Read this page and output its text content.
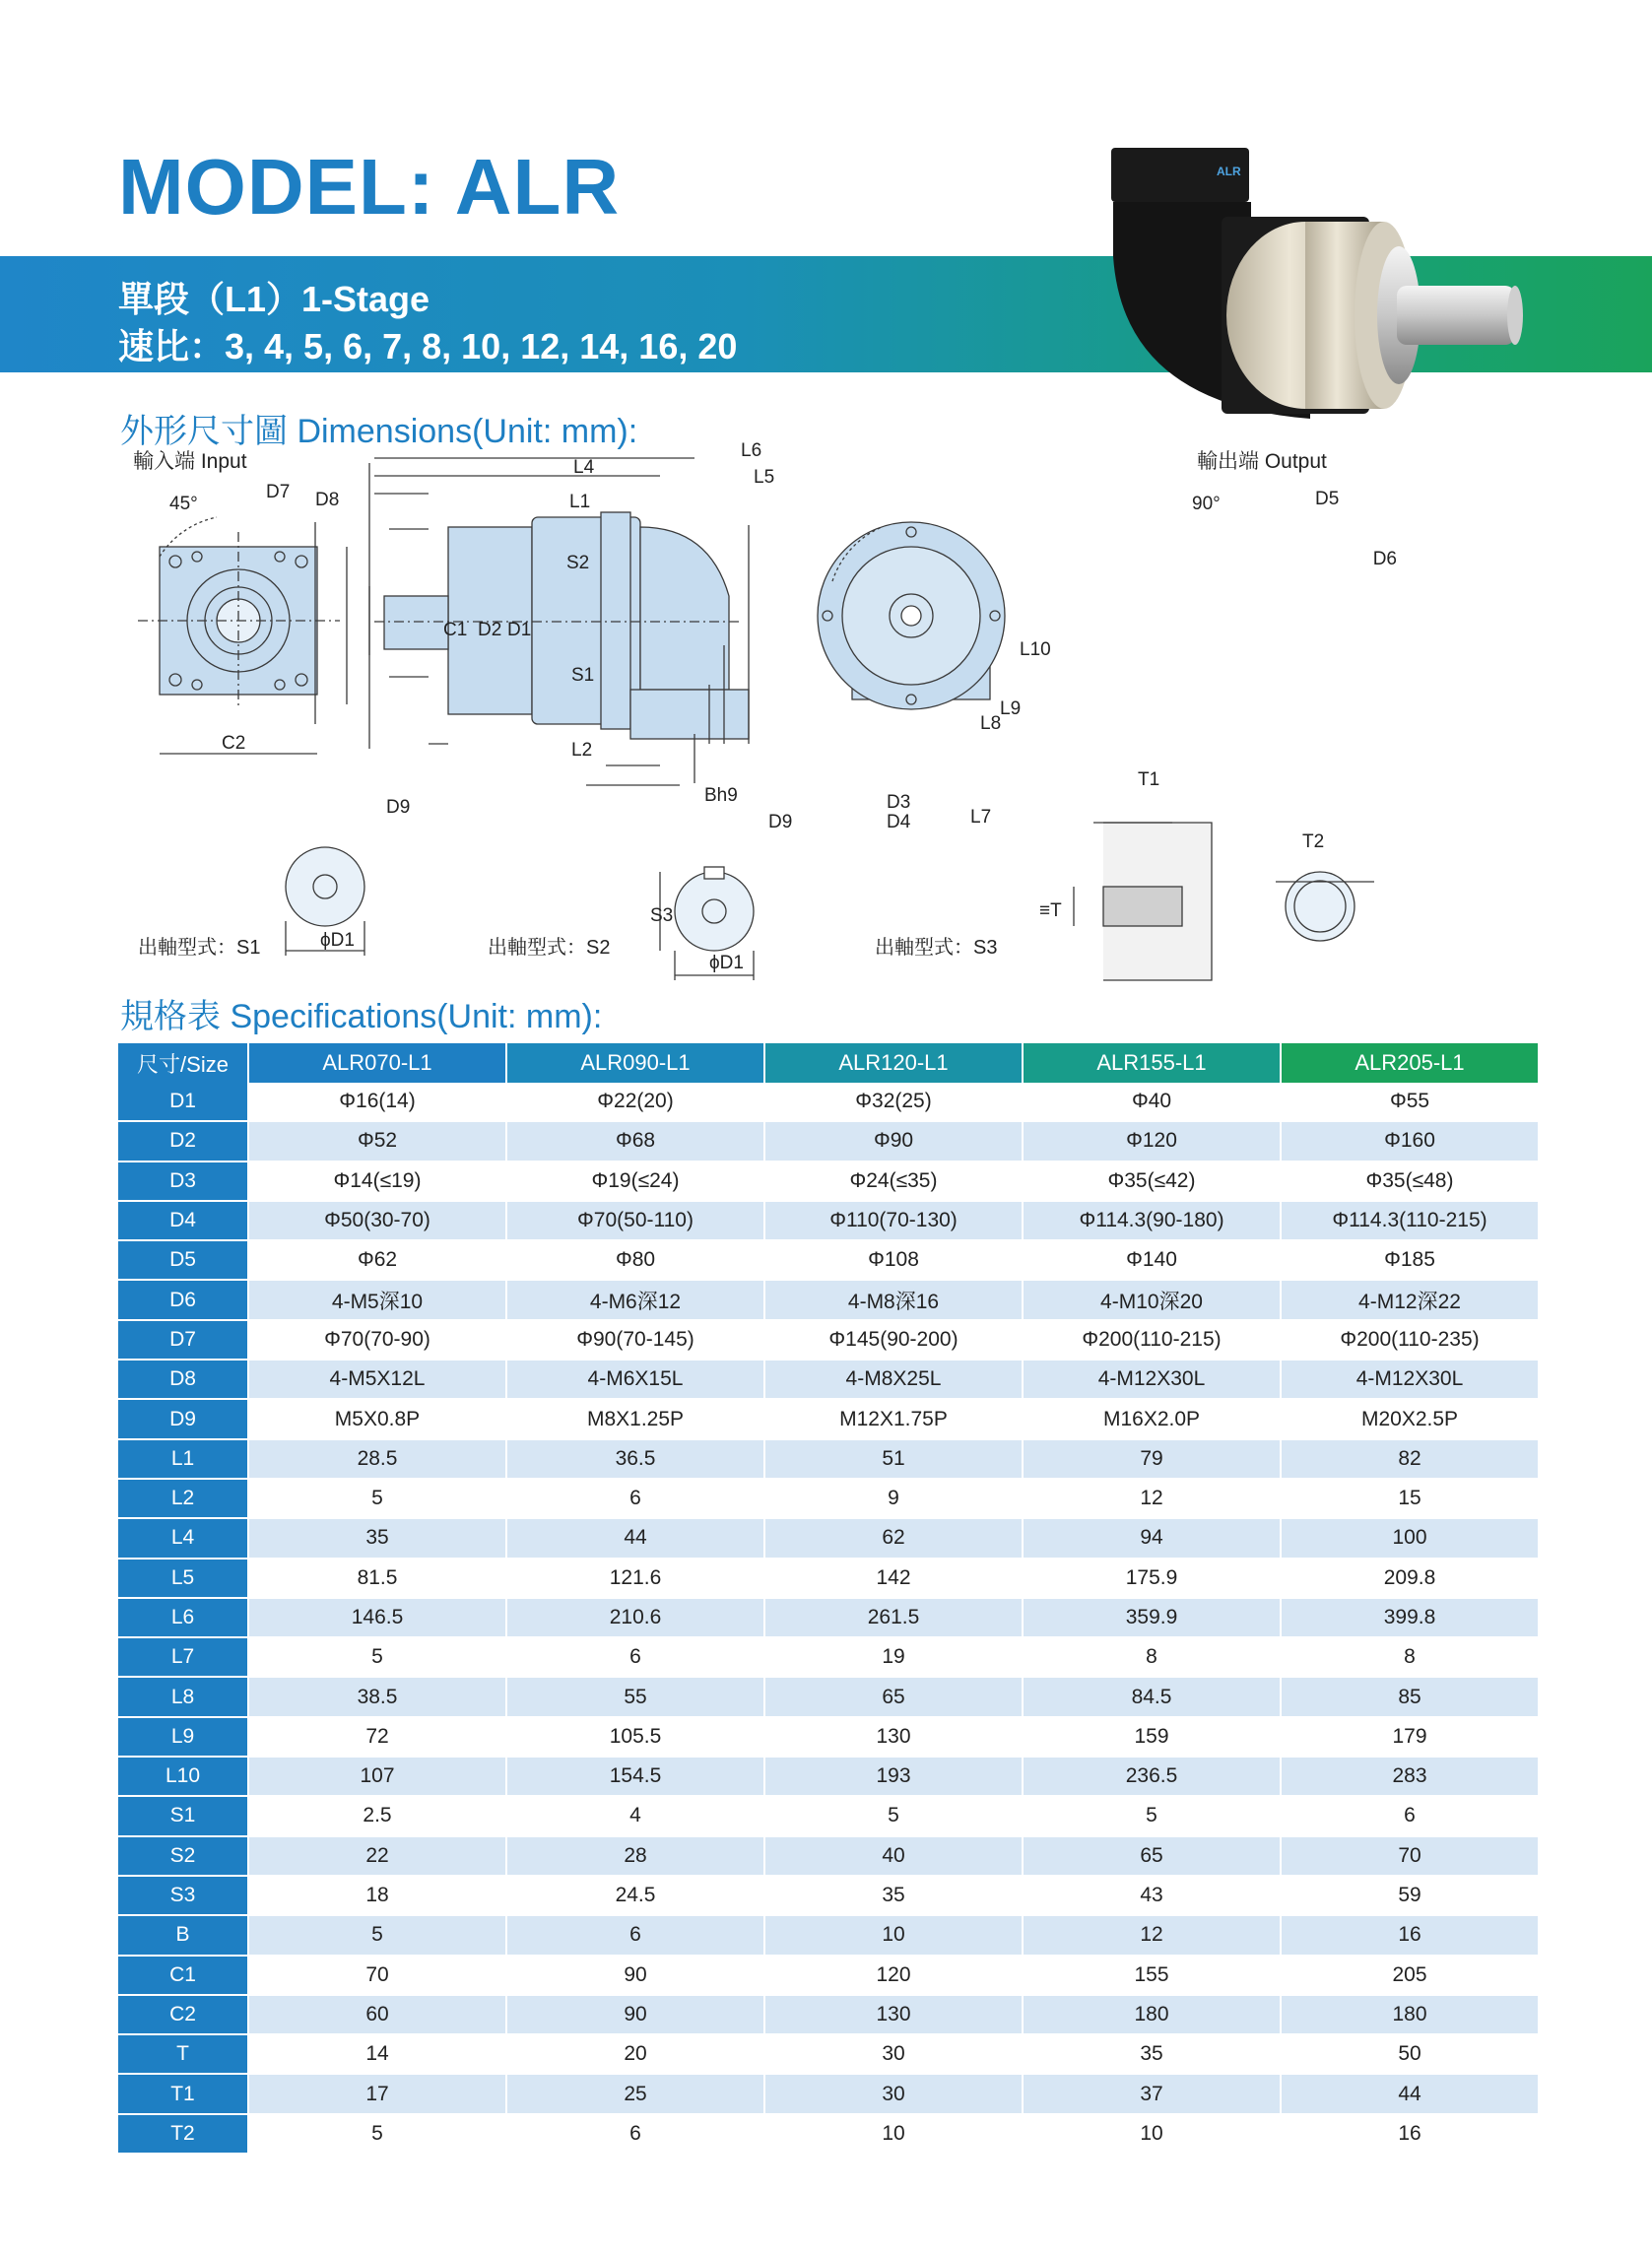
MODEL: ALR
單段（L1）1-Stage
速比：3, 4, 5, 6, 7, 8, 10, 12, 14, 16, 20
ALR
外形尺寸圖 Dimensions(Unit: mm):
輸入端 Input	輸出端 Output
45°	90°
D7 D8
C2
L6
L4	L5
L1
S2
S1
L2
C1 D2 D1
L10
L9
L8
L7
D3
D4
D5
D6
D9
Bh9
S3
ϕD1
T1
T2
≡T
ϕD1
D9
出軸型式：S1	出軸型式：S2	出軸型式：S3
規格表 Specifications(Unit: mm):
尺寸/Size	ALR070-L1	ALR090-L1	ALR120-L1	ALR155-L1	ALR205-L1
D1	Φ16(14)	Φ22(20)	Φ32(25)	Φ40	Φ55
D2	Φ52	Φ68	Φ90	Φ120	Φ160
D3	Φ14(≤19)	Φ19(≤24)	Φ24(≤35)	Φ35(≤42)	Φ35(≤48)
D4	Φ50(30-70)	Φ70(50-110)	Φ110(70-130)	Φ114.3(90-180)	Φ114.3(110-215)
D5	Φ62	Φ80	Φ108	Φ140	Φ185
D6	4-M5深10	4-M6深12	4-M8深16	4-M10深20	4-M12深22
D7	Φ70(70-90)	Φ90(70-145)	Φ145(90-200)	Φ200(110-215)	Φ200(110-235)
D8	4-M5X12L	4-M6X15L	4-M8X25L	4-M12X30L	4-M12X30L
D9	M5X0.8P	M8X1.25P	M12X1.75P	M16X2.0P	M20X2.5P
L1	28.5	36.5	51	79	82
L2	5	6	9	12	15
L4	35	44	62	94	100
L5	81.5	121.6	142	175.9	209.8
L6	146.5	210.6	261.5	359.9	399.8
L7	5	6	19	8	8
L8	38.5	55	65	84.5	85
L9	72	105.5	130	159	179
L10	107	154.5	193	236.5	283
S1	2.5	4	5	5	6
S2	22	28	40	65	70
S3	18	24.5	35	43	59
B	5	6	10	12	16
C1	70	90	120	155	205
C2	60	90	130	180	180
T	14	20	30	35	50
T1	17	25	30	37	44
T2	5	6	10	10	16
